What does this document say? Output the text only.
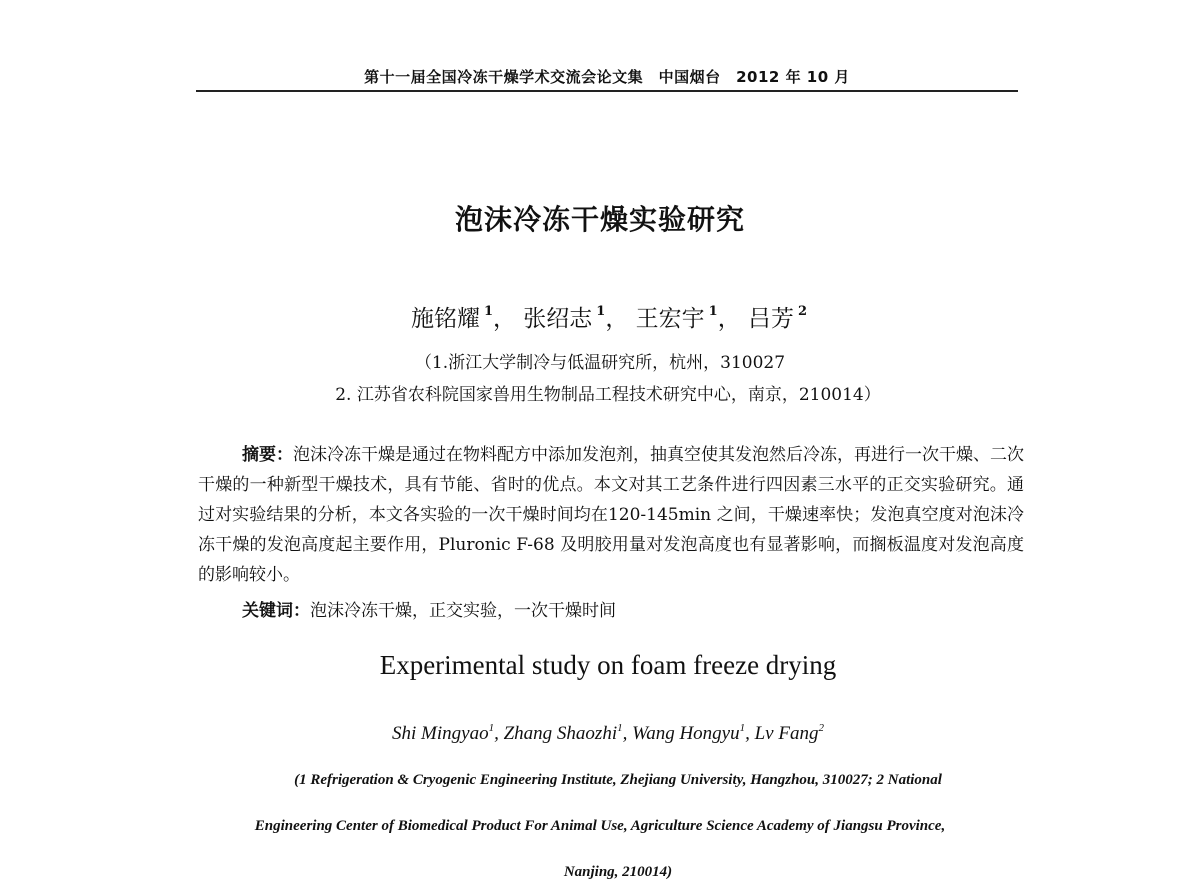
第十一届全国冷冻干燥学术交流会论文集　中国烟台　2012 年 10 月
泡沫冷冻干燥实验研究
施铭耀 $^1$， 张绍志 $^1$， 王宏宇 $^1$， 吕芳 $^2$
（1.浙江大学制冷与低温研究所，杭州，310027
2. 江苏省农科院国家兽用生物制品工程技术研究中心，南京，210014）

摘要：泡沫冷冻干燥是通过在物料配方中添加发泡剂，抽真空使其发泡然后冷冻，再进行一次干燥、二次干燥的一种新型干燥技术，具有节能、省时的优点。本文对其工艺条件进行四因素三水平的正交实验研究。通过对实验结果的分析，本文各实验的一次干燥时间均在120-145min 之间，干燥速率快；发泡真空度对泡沫冷冻干燥的发泡高度起主要作用，Pluronic F-68 及明胶用量对发泡高度也有显著影响，而搁板温度对发泡高度的影响较小。

关键词：泡沫冷冻干燥，正交实验，一次干燥时间
Experimental study on foam freeze drying
Shi Mingyao$^1$, Zhang Shaozhi$^1$, Wang Hongyu$^1$, Lv Fang$^2$
(1 Refrigeration & Cryogenic Engineering Institute, Zhejiang University, Hangzhou, 310027; 2 National
Engineering Center of Biomedical Product For Animal Use, Agriculture Science Academy of Jiangsu Province,
Nanjing, 210014)
